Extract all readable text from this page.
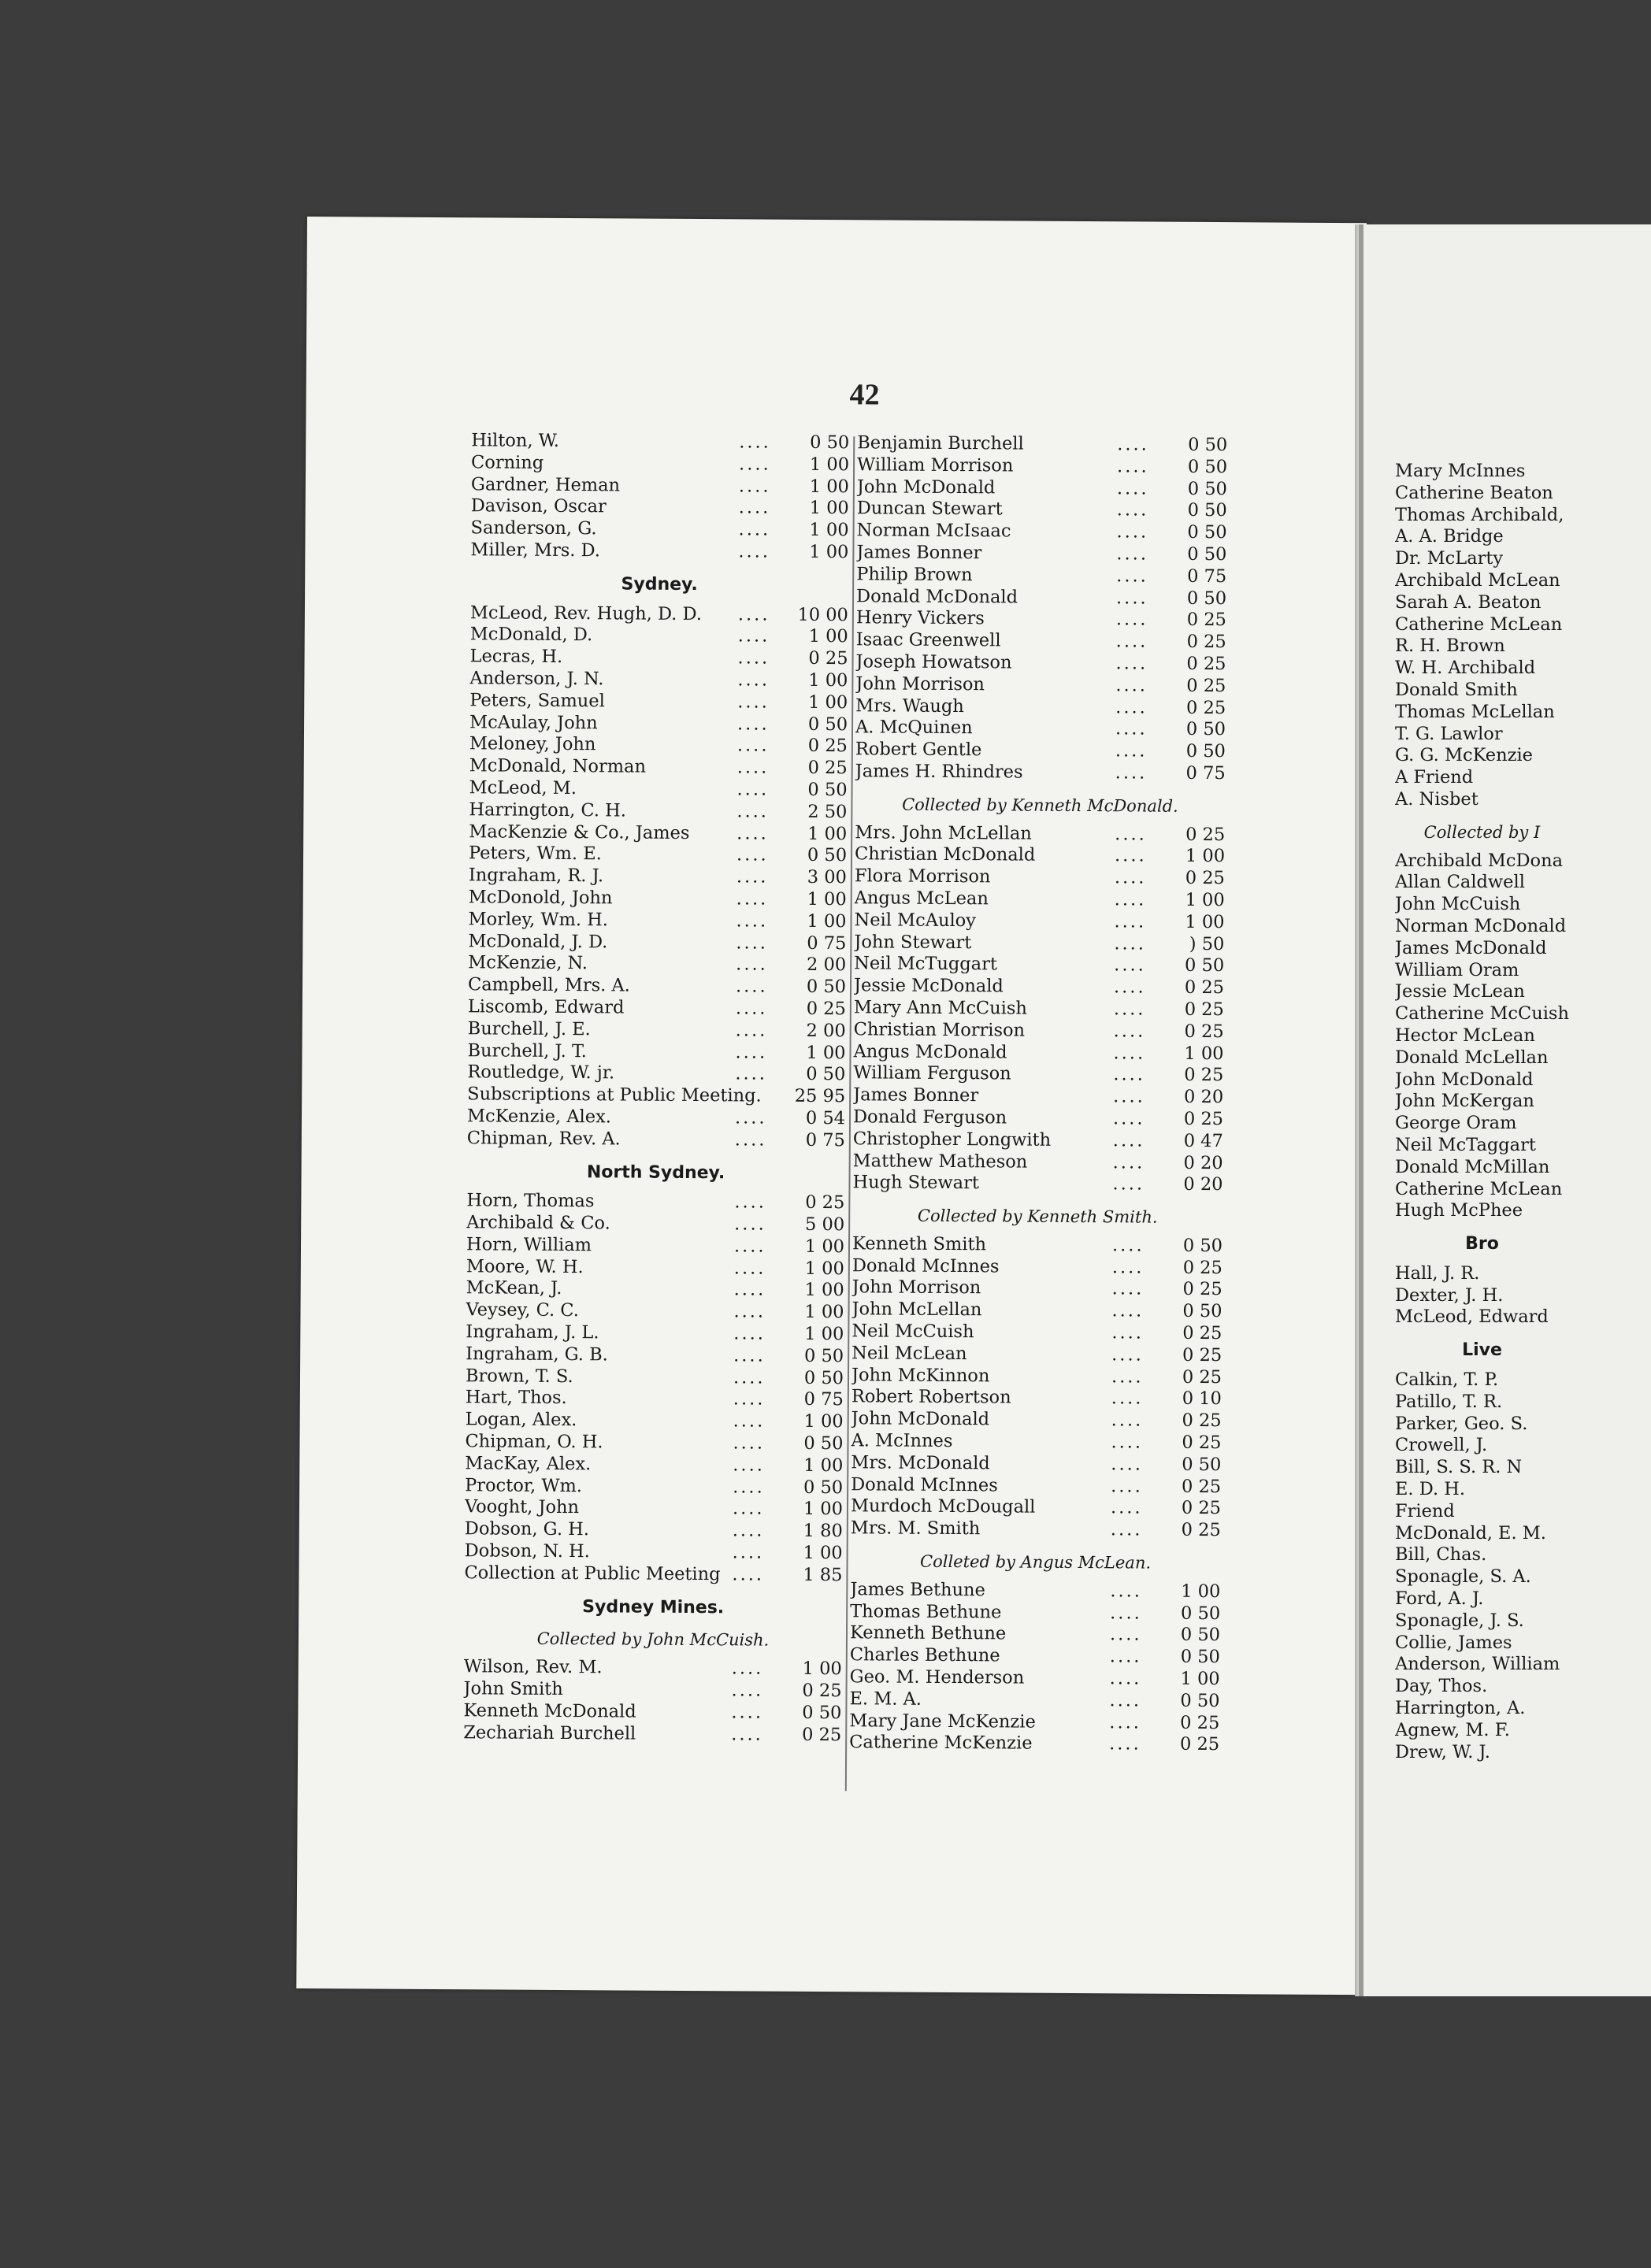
42
Hilton, W.	....	0 50
Corning	....	1 00
Gardner, Heman	....	1 00
Davison, Oscar	....	1 00
Sanderson, G.	....	1 00
Miller, Mrs. D.	....	1 00
Sydney.
McLeod, Rev. Hugh, D. D.	....	10 00
McDonald, D.	....	1 00
Lecras, H.	....	0 25
Anderson, J. N.	....	1 00
Peters, Samuel	....	1 00
McAulay, John	....	0 50
Meloney, John	....	0 25
McDonald, Norman	....	0 25
McLeod, M.	....	0 50
Harrington, C. H.	....	2 50
MacKenzie & Co., James	....	1 00
Peters, Wm. E.	....	0 50
Ingraham, R. J.	....	3 00
McDonold, John	....	1 00
Morley, Wm. H.	....	1 00
McDonald, J. D.	....	0 75
McKenzie, N.	....	2 00
Campbell, Mrs. A.	....	0 50
Liscomb, Edward	....	0 25
Burchell, J. E.	....	2 00
Burchell, J. T.	....	1 00
Routledge, W. jr.	....	0 50
Subscriptions at Public Meeting.	25 95
McKenzie, Alex.	....	0 54
Chipman, Rev. A.	....	0 75
North Sydney.
Horn, Thomas	....	0 25
Archibald & Co.	....	5 00
Horn, William	....	1 00
Moore, W. H.	....	1 00
McKean, J.	....	1 00
Veysey, C. C.	....	1 00
Ingraham, J. L.	....	1 00
Ingraham, G. B.	....	0 50
Brown, T. S.	....	0 50
Hart, Thos.	....	0 75
Logan, Alex.	....	1 00
Chipman, O. H.	....	0 50
MacKay, Alex.	....	1 00
Proctor, Wm.	....	0 50
Vooght, John	....	1 00
Dobson, G. H.	....	1 80
Dobson, N. H.	....	1 00
Collection at Public Meeting ....	1 85
Sydney Mines.
Collected by John McCuish.
Wilson, Rev. M.	....	1 00
John Smith	....	0 25
Kenneth McDonald	....	0 50
Zechariah Burchell	....	0 25
Benjamin Burchell	....	0 50
William Morrison	....	0 50
John McDonald	....	0 50
Duncan Stewart	....	0 50
Norman McIsaac	....	0 50
James Bonner	....	0 50
Philip Brown	....	0 75
Donald McDonald	....	0 50
Henry Vickers	....	0 25
Isaac Greenwell	....	0 25
Joseph Howatson	....	0 25
John Morrison	....	0 25
Mrs. Waugh	....	0 25
A. McQuinen	....	0 50
Robert Gentle	....	0 50
James H. Rhindres	....	0 75
Collected by Kenneth McDonald.
Mrs. John McLellan	....	0 25
Christian McDonald	....	1 00
Flora Morrison	....	0 25
Angus McLean	....	1 00
Neil McAuloy	....	1 00
John Stewart	....	) 50
Neil McTuggart	....	0 50
Jessie McDonald	....	0 25
Mary Ann McCuish	....	0 25
Christian Morrison	....	0 25
Angus McDonald	....	1 00
William Ferguson	....	0 25
James Bonner	....	0 20
Donald Ferguson	....	0 25
Christopher Longwith	....	0 47
Matthew Matheson	....	0 20
Hugh Stewart	....	0 20
Collected by Kenneth Smith.
Kenneth Smith	....	0 50
Donald McInnes	....	0 25
John Morrison	....	0 25
John McLellan	....	0 50
Neil McCuish	....	0 25
Neil McLean	....	0 25
John McKinnon	....	0 25
Robert Robertson	....	0 10
John McDonald	....	0 25
A. McInnes	....	0 25
Mrs. McDonald	....	0 50
Donald McInnes	....	0 25
Murdoch McDougall	....	0 25
Mrs. M. Smith	....	0 25
Colleted by Angus McLean.
James Bethune	....	1 00
Thomas Bethune	....	0 50
Kenneth Bethune	....	0 50
Charles Bethune	....	0 50
Geo. M. Henderson	....	1 00
E. M. A.	....	0 50
Mary Jane McKenzie	....	0 25
Catherine McKenzie	....	0 25
Mary McInnes
Catherine Beaton
Thomas Archibald,
A. A. Bridge
Dr. McLarty
Archibald McLean
Sarah A. Beaton
Catherine McLean
R. H. Brown
W. H. Archibald
Donald Smith
Thomas McLellan
T. G. Lawlor
G. G. McKenzie
A Friend
A. Nisbet
Collected by I
Archibald McDona
Allan Caldwell
John McCuish
Norman McDonald
James McDonald
William Oram
Jessie McLean
Catherine McCuish
Hector McLean
Donald McLellan
John McDonald
John McKergan
George Oram
Neil McTaggart
Donald McMillan
Catherine McLean
Hugh McPhee
Bro
Hall, J. R.
Dexter, J. H.
McLeod, Edward
Live
Calkin, T. P.
Patillo, T. R.
Parker, Geo. S.
Crowell, J.
Bill, S. S. R. N
E. D. H.
Friend
McDonald, E. M.
Bill, Chas.
Sponagle, S. A.
Ford, A. J.
Sponagle, J. S.
Collie, James
Anderson, William
Day, Thos.
Harrington, A.
Agnew, M. F.
Drew, W. J.
